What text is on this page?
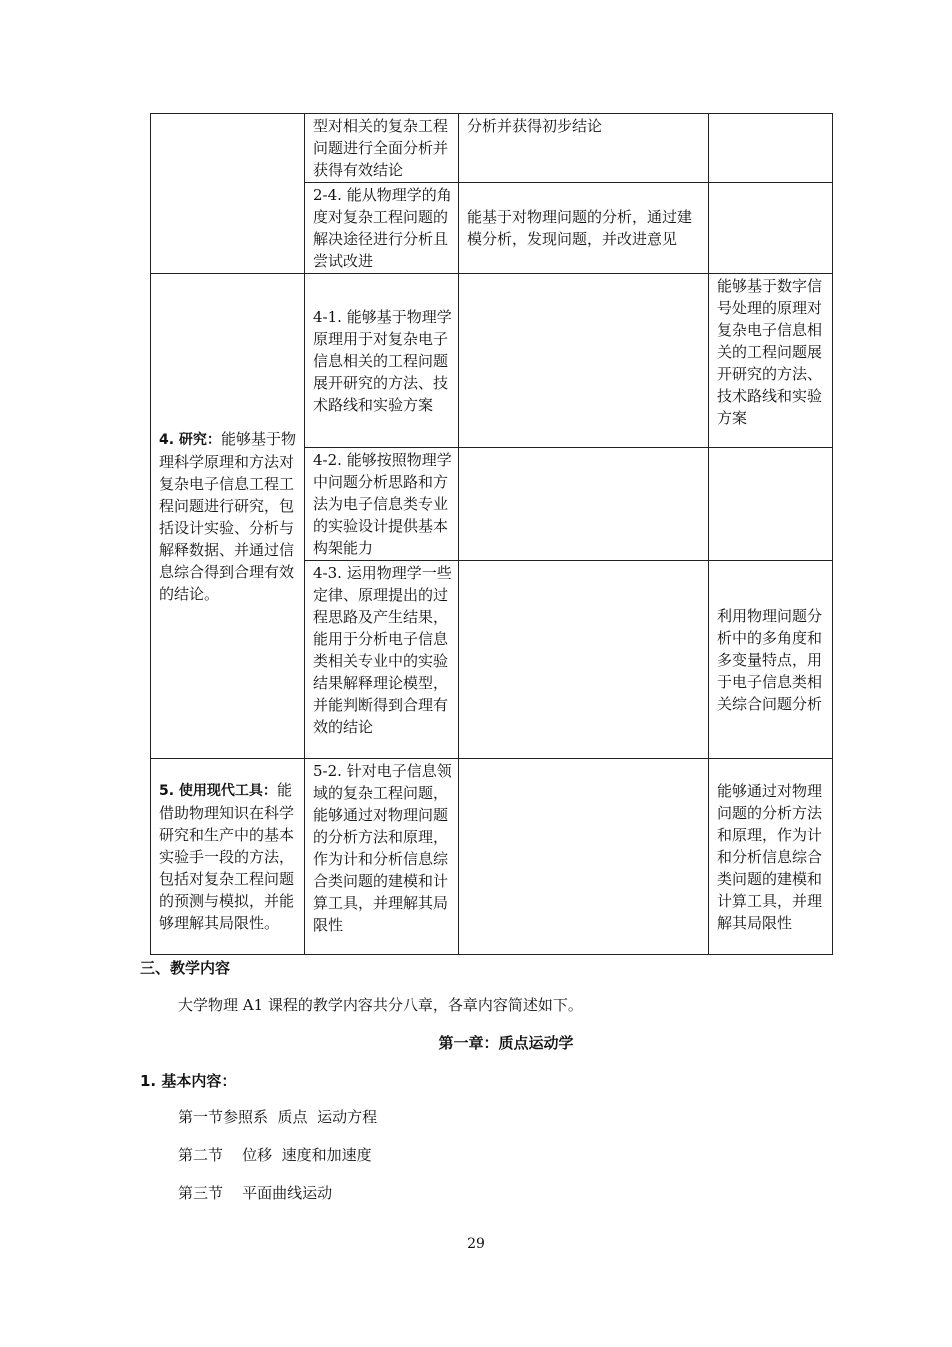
	型对相关的复杂工程问题进行全面分析并获得有效结论	分析并获得初步结论	
	2-4. 能从物理学的角度对复杂工程问题的解决途径进行分析且尝试改进	能基于对物理问题的分析，通过建模分析，发现问题，并改进意见	
4. 研究：能够基于物理科学原理和方法对复杂电子信息工程工程问题进行研究，包括设计实验、分析与解释数据、并通过信息综合得到合理有效的结论。	4-1. 能够基于物理学原理用于对复杂电子信息相关的工程问题展开研究的方法、技术路线和实验方案		能够基于数字信号处理的原理对复杂电子信息相关的工程问题展开研究的方法、技术路线和实验方案
	4-2. 能够按照物理学中问题分析思路和方法为电子信息类专业的实验设计提供基本构架能力		
	4-3. 运用物理学一些定律、原理提出的过程思路及产生结果，能用于分析电子信息类相关专业中的实验结果解释理论模型，并能判断得到合理有效的结论		利用物理问题分析中的多角度和多变量特点，用于电子信息类相关综合问题分析
5. 使用现代工具：能借助物理知识在科学研究和生产中的基本实验手一段的方法，包括对复杂工程问题的预测与模拟，并能够理解其局限性。	5-2. 针对电子信息领域的复杂工程问题，能够通过对物理问题的分析方法和原理，作为计和分析信息综合类问题的建模和计算工具，并理解其局限性		能够通过对物理问题的分析方法和原理，作为计和分析信息综合类问题的建模和计算工具，并理解其局限性
三、教学内容
大学物理 A1 课程的教学内容共分八章，各章内容简述如下。
第一章：质点运动学
1. 基本内容：
第一节参照系  质点  运动方程
第二节    位移  速度和加速度
第三节    平面曲线运动
29
